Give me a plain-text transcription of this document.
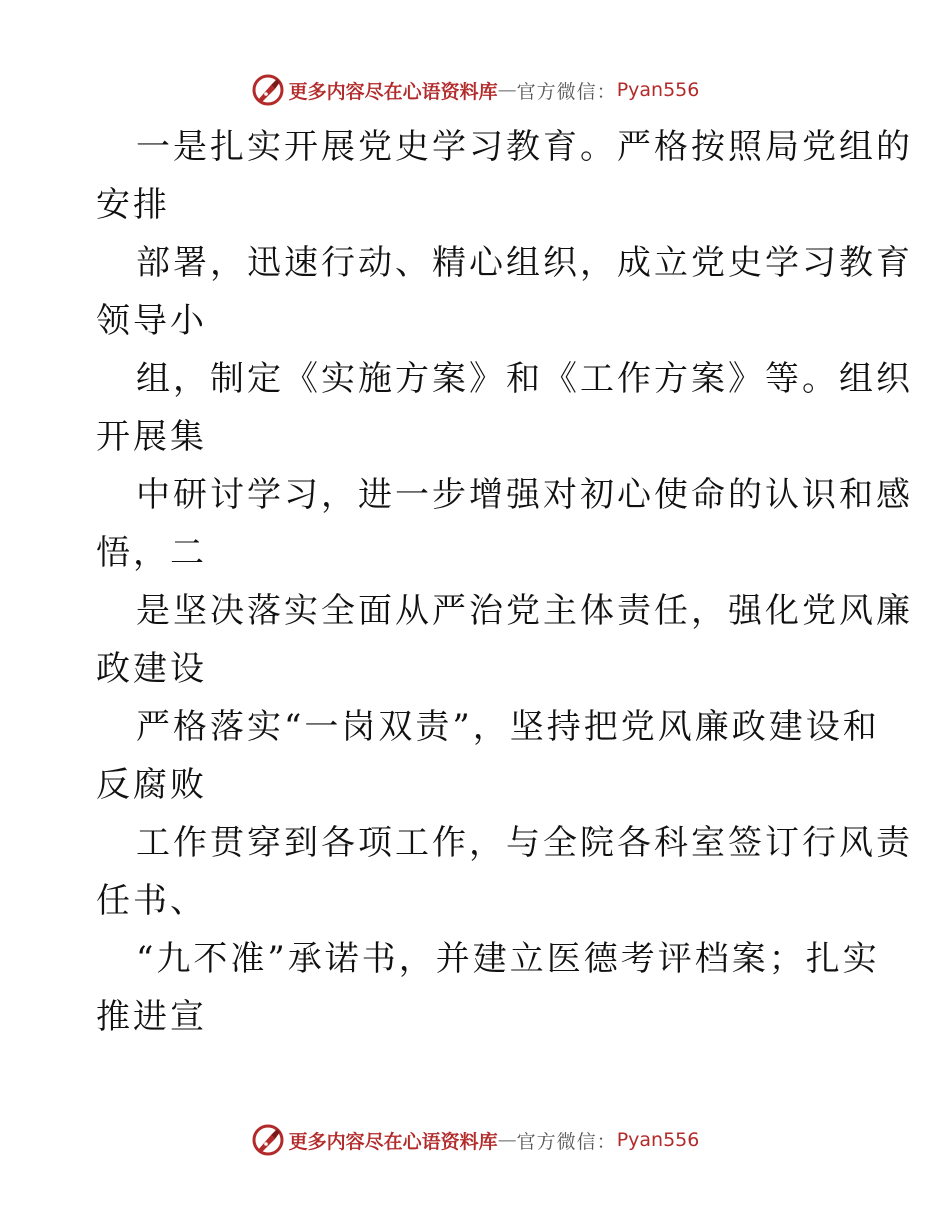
更多内容尽在心语资料库 — 官方微信： Pyan556
一是扎实开展党史学习教育。严格按照局党组的
安排
部署，迅速行动、精心组织，成立党史学习教育
领导小
组，制定《实施方案》和《工作方案》等。组织
开展集
中研讨学习，进一步增强对初心使命的认识和感
悟，二
是坚决落实全面从严治党主体责任，强化党风廉
政建设
严格落实“一岗双责”，坚持把党风廉政建设和
反腐败
工作贯穿到各项工作，与全院各科室签订行风责
任书、
“九不准”承诺书，并建立医德考评档案；扎实
推进宣
更多内容尽在心语资料库 — 官方微信： Pyan556
